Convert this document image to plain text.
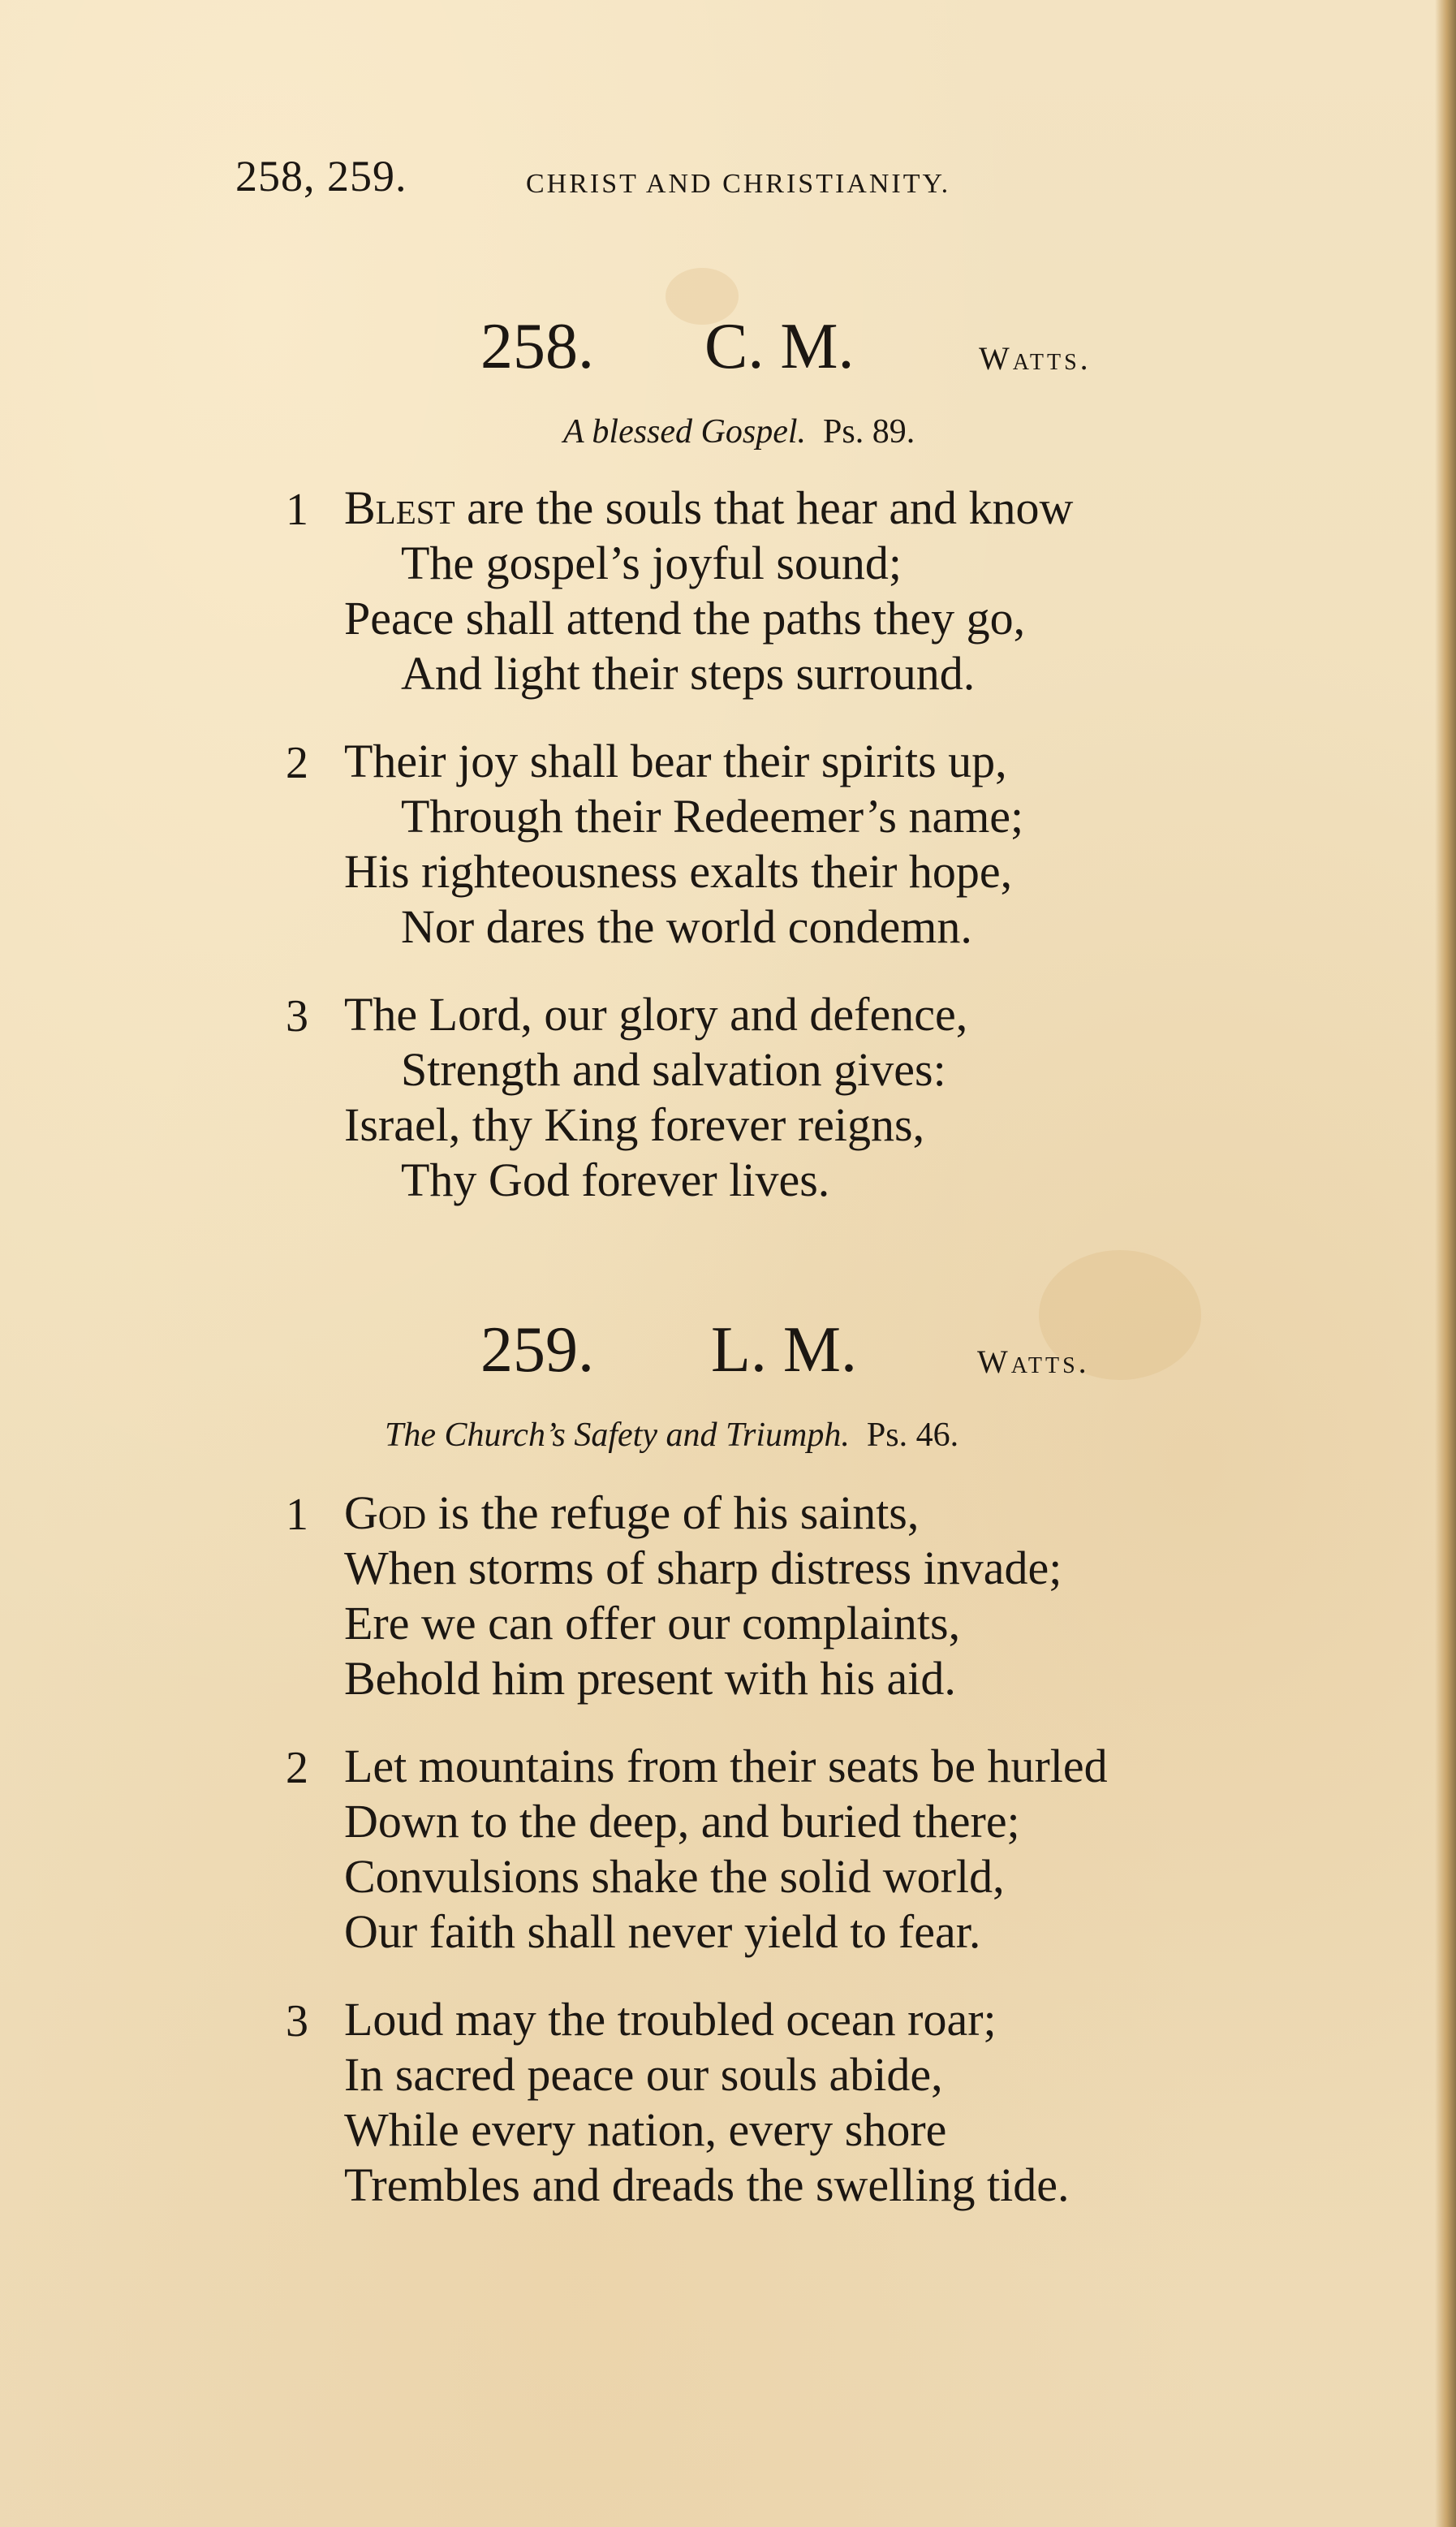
258, 259.	CHRIST AND CHRISTIANITY.
258. C. M.	Watts.
A blessed Gospel. Ps. 89.
1 Blest are the souls that hear and know
The gospel’s joyful sound;
Peace shall attend the paths they go,
And light their steps surround.
2 Their joy shall bear their spirits up,
Through their Redeemer’s name;
His righteousness exalts their hope,
Nor dares the world condemn.
3 The Lord, our glory and defence,
Strength and salvation gives:
Israel, thy King forever reigns,
Thy God forever lives.
259. L. M.	Watts.
The Church’s Safety and Triumph. Ps. 46.
1 God is the refuge of his saints,
When storms of sharp distress invade;
Ere we can offer our complaints,
Behold him present with his aid.
2 Let mountains from their seats be hurled
Down to the deep, and buried there;
Convulsions shake the solid world,
Our faith shall never yield to fear.
3 Loud may the troubled ocean roar;
In sacred peace our souls abide,
While every nation, every shore
Trembles and dreads the swelling tide.
